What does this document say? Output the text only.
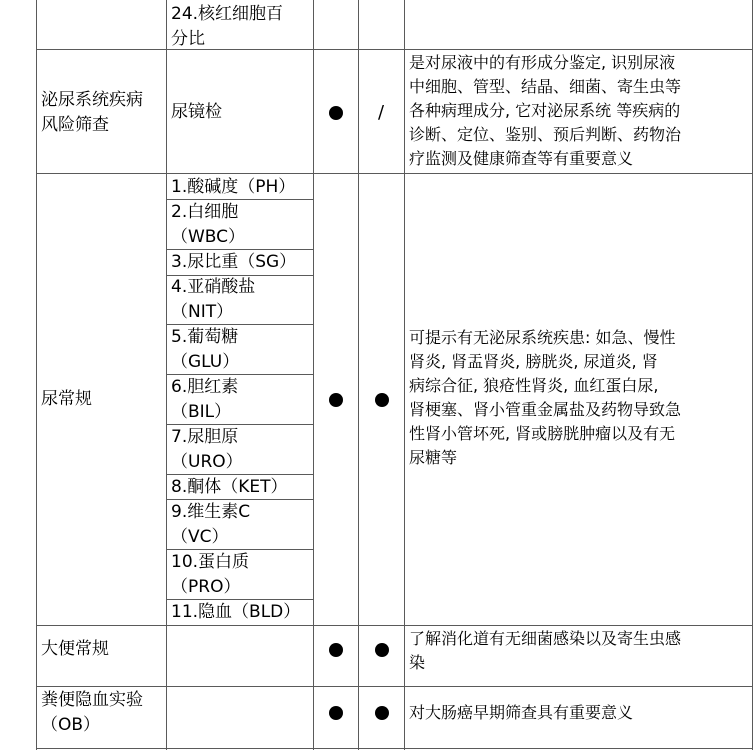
24.核红细胞百
分比
泌尿系统疾病
风险筛查
尿镜检	/
是对尿液中的有形成分鉴定, 识别尿液
中细胞、管型、结晶、细菌、寄生虫等
各种病理成分, 它对泌尿系统 等疾病的
诊断、定位、鉴别、预后判断、药物治
疗监测及健康筛查等有重要意义
尿常规
1.酸碱度（PH）
2.白细胞
（WBC）
3.尿比重（SG）
4.亚硝酸盐
（NIT）
5.葡萄糖
（GLU）
6.胆红素
（BIL）
7.尿胆原
（URO）
8.酮体（KET）
9.维生素C
（VC）
10.蛋白质
（PRO）
11.隐血（BLD）
可提示有无泌尿系统疾患: 如急、慢性
肾炎, 肾盂肾炎, 膀胱炎, 尿道炎, 肾
病综合征, 狼疮性肾炎, 血红蛋白尿,
肾梗塞、肾小管重金属盐及药物导致急
性肾小管坏死, 肾或膀胱肿瘤以及有无
尿糖等
大便常规
了解消化道有无细菌感染以及寄生虫感
染
粪便隐血实验
（OB）
对大肠癌早期筛查具有重要意义
